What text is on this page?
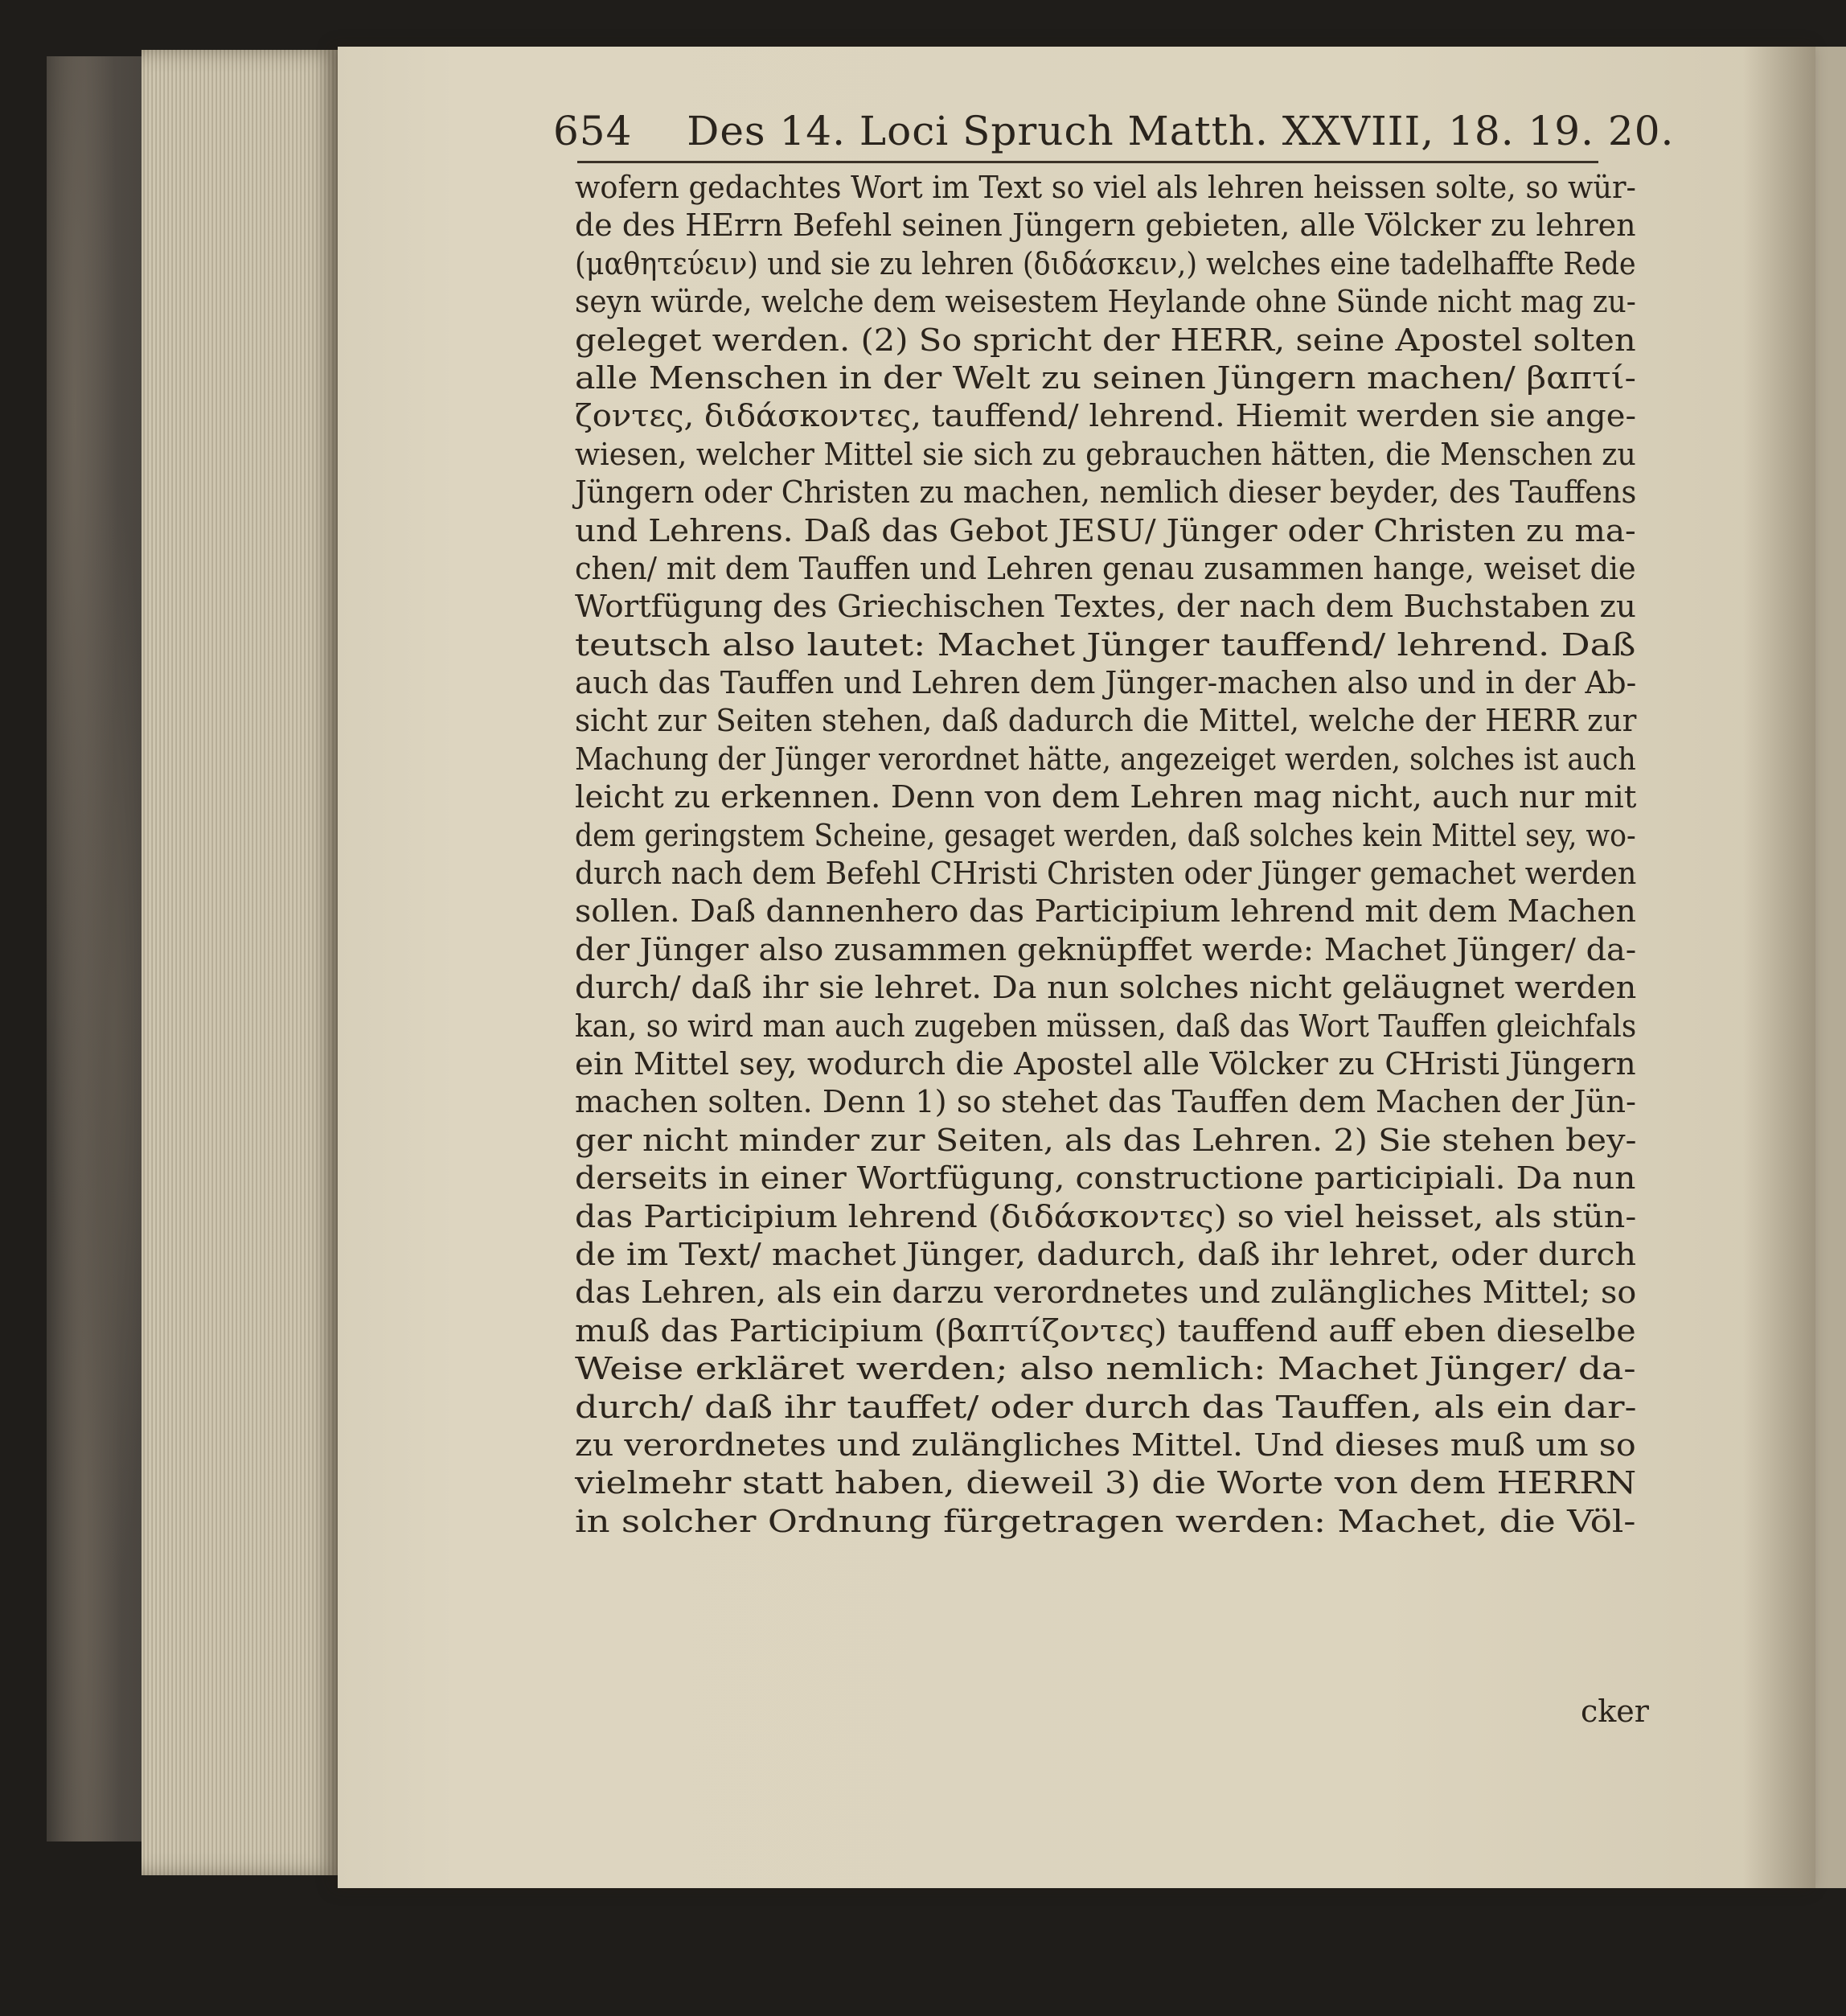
654 Des 14. Loci Spruch Matth. XXVIII, 18. 19. 20.
wofern gedachtes Wort im Text so viel als lehren heissen solte, so wür-
de des HErrn Befehl seinen Jüngern gebieten, alle Völcker zu lehren
(μαθητεύειν) und sie zu lehren (διδάσκειν,) welches eine tadelhaffte Rede
seyn würde, welche dem weisestem Heylande ohne Sünde nicht mag zu-
geleget werden. (2) So spricht der HERR, seine Apostel solten
alle Menschen in der Welt zu seinen Jüngern machen/ βαπτί-
ζοντες, διδάσκοντες, tauffend/ lehrend. Hiemit werden sie ange-
wiesen, welcher Mittel sie sich zu gebrauchen hätten, die Menschen zu
Jüngern oder Christen zu machen, nemlich dieser beyder, des Tauffens
und Lehrens. Daß das Gebot JESU/ Jünger oder Christen zu ma-
chen/ mit dem Tauffen und Lehren genau zusammen hange, weiset die
Wortfügung des Griechischen Textes, der nach dem Buchstaben zu
teutsch also lautet: Machet Jünger tauffend/ lehrend. Daß
auch das Tauffen und Lehren dem Jünger-machen also und in der Ab-
sicht zur Seiten stehen, daß dadurch die Mittel, welche der HERR zur
Machung der Jünger verordnet hätte, angezeiget werden, solches ist auch
leicht zu erkennen. Denn von dem Lehren mag nicht, auch nur mit
dem geringstem Scheine, gesaget werden, daß solches kein Mittel sey, wo-
durch nach dem Befehl CHristi Christen oder Jünger gemachet werden
sollen. Daß dannenhero das Participium lehrend mit dem Machen
der Jünger also zusammen geknüpffet werde: Machet Jünger/ da-
durch/ daß ihr sie lehret. Da nun solches nicht geläugnet werden
kan, so wird man auch zugeben müssen, daß das Wort Tauffen gleichfals
ein Mittel sey, wodurch die Apostel alle Völcker zu CHristi Jüngern
machen solten. Denn 1) so stehet das Tauffen dem Machen der Jün-
ger nicht minder zur Seiten, als das Lehren. 2) Sie stehen bey-
derseits in einer Wortfügung, constructione participiali. Da nun
das Participium lehrend (διδάσκοντες) so viel heisset, als stün-
de im Text/ machet Jünger, dadurch, daß ihr lehret, oder durch
das Lehren, als ein darzu verordnetes und zulängliches Mittel; so
muß das Participium (βαπτίζοντες) tauffend auff eben dieselbe
Weise erkläret werden; also nemlich: Machet Jünger/ da-
durch/ daß ihr tauffet/ oder durch das Tauffen, als ein dar-
zu verordnetes und zulängliches Mittel. Und dieses muß um so
vielmehr statt haben, dieweil 3) die Worte von dem HERRN
in solcher Ordnung fürgetragen werden: Machet, die Völ-
cker
